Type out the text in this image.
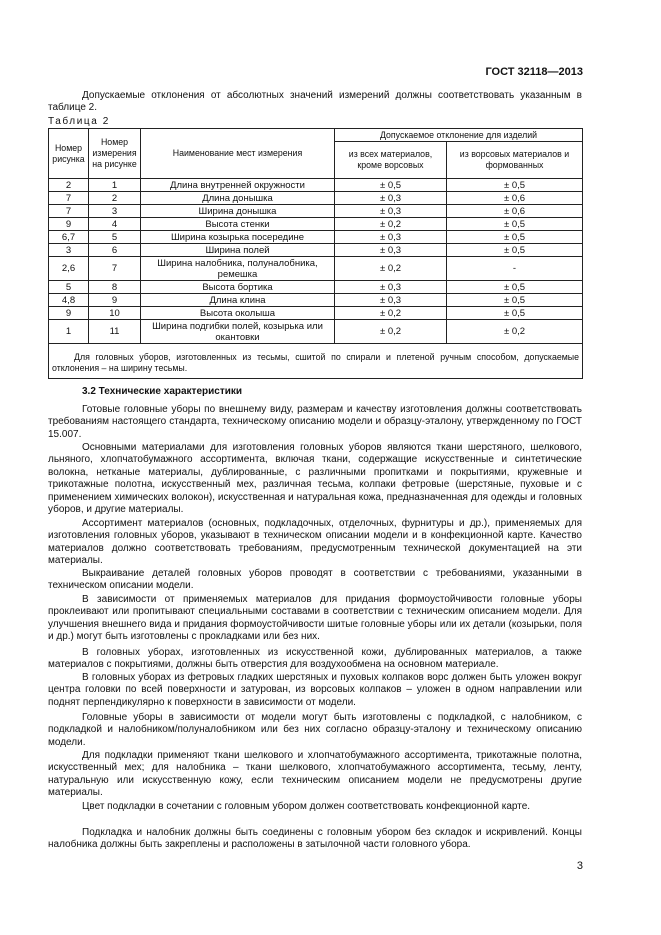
ГОСТ 32118—2013

Допускаемые отклонения от абсолютных значений измерений должны соответствовать указанным в таблице 2.

Таблица 2
Номер рисунка	Номер измерения на рисунке	Наименование мест измерения	Допускаемое отклонение для изделий	
			из всех материалов, кроме ворсовых	из ворсовых материалов и формованных
2	1	Длина внутренней окружности	± 0,5	± 0,5
7	2	Длина донышка	± 0,3	± 0,6
7	3	Ширина донышка	± 0,3	± 0,6
9	4	Высота стенки	± 0,2	± 0,5
6,7	5	Ширина козырька посередине	± 0,3	± 0,5
3	6	Ширина полей	± 0,3	± 0,5
2,6	7	Ширина налобника, полуналобника, ремешка	± 0,2	-
5	8	Высота бортика	± 0,3	± 0,5
4,8	9	Длина клина	± 0,3	± 0,5
9	10	Высота околыша	± 0,2	± 0,5
1	11	Ширина подгибки полей, козырька или окантовки	± 0,2	± 0,2

Для головных уборов, изготовленных из тесьмы, сшитой по спирали и плетеной ручным способом, допускаемые отклонения – на ширину тесьмы.				
3.2 Технические характеристики

Готовые головные уборы по внешнему виду, размерам и качеству изготовления должны соответствовать требованиям настоящего стандарта, техническому описанию модели и образцу-эталону, утвержденному по ГОСТ 15.007.

Основными материалами для изготовления головных уборов являются ткани шерстяного, шелкового, льняного, хлопчатобумажного ассортимента, включая ткани, содержащие искусственные и синтетические волокна, нетканые материалы, дублированные, с различными пропитками и покрытиями, кружевные и трикотажные полотна, искусственный мех, различная тесьма, колпаки фетровые (шерстяные, пуховые и с применением химических волокон), искусственная и натуральная кожа, предназначенная для одежды и головных уборов, и другие материалы.

Ассортимент материалов (основных, подкладочных, отделочных, фурнитуры и др.), применяемых для изготовления головных уборов, указывают в техническом описании модели и в конфекционной карте. Качество материалов должно соответствовать требованиям, предусмотренным технической документацией на эти материалы.

Выкраивание деталей головных уборов проводят в соответствии с требованиями, указанными в техническом описании модели.

В зависимости от применяемых материалов для придания формоустойчивости головные уборы проклеивают или пропитывают специальными составами в соответствии с техническим описанием модели. Для улучшения внешнего вида и придания формоустойчивости шитые головные уборы или их детали (козырьки, поля и др.) могут быть изготовлены с прокладками или без них.

В головных уборах, изготовленных из искусственной кожи, дублированных материалов, а также материалов с покрытиями, должны быть отверстия для воздухообмена на основном материале.

В головных уборах из фетровых гладких шерстяных и пуховых колпаков ворс должен быть уложен вокруг центра головки по всей поверхности и затурован, из ворсовых колпаков – уложен в одном направлении или поднят перпендикулярно к поверхности в зависимости от модели.

Головные уборы в зависимости от модели могут быть изготовлены с подкладкой, с налобником, с подкладкой и налобником/полуналобником или без них согласно образцу-эталону и техническому описанию модели.

Для подкладки применяют ткани шелкового и хлопчатобумажного ассортимента, трикотажные полотна, искусственный мех; для налобника – ткани шелкового, хлопчатобумажного ассортимента, тесьму, ленту, натуральную или искусственную кожу, если техническим описанием модели не предусмотрены другие материалы.

Цвет подкладки в сочетании с головным убором должен соответствовать конфекционной карте.

Подкладка и налобник должны быть соединены с головным убором без складок и искривлений. Концы налобника должны быть закреплены и расположены в затылочной части головного убора.

3
